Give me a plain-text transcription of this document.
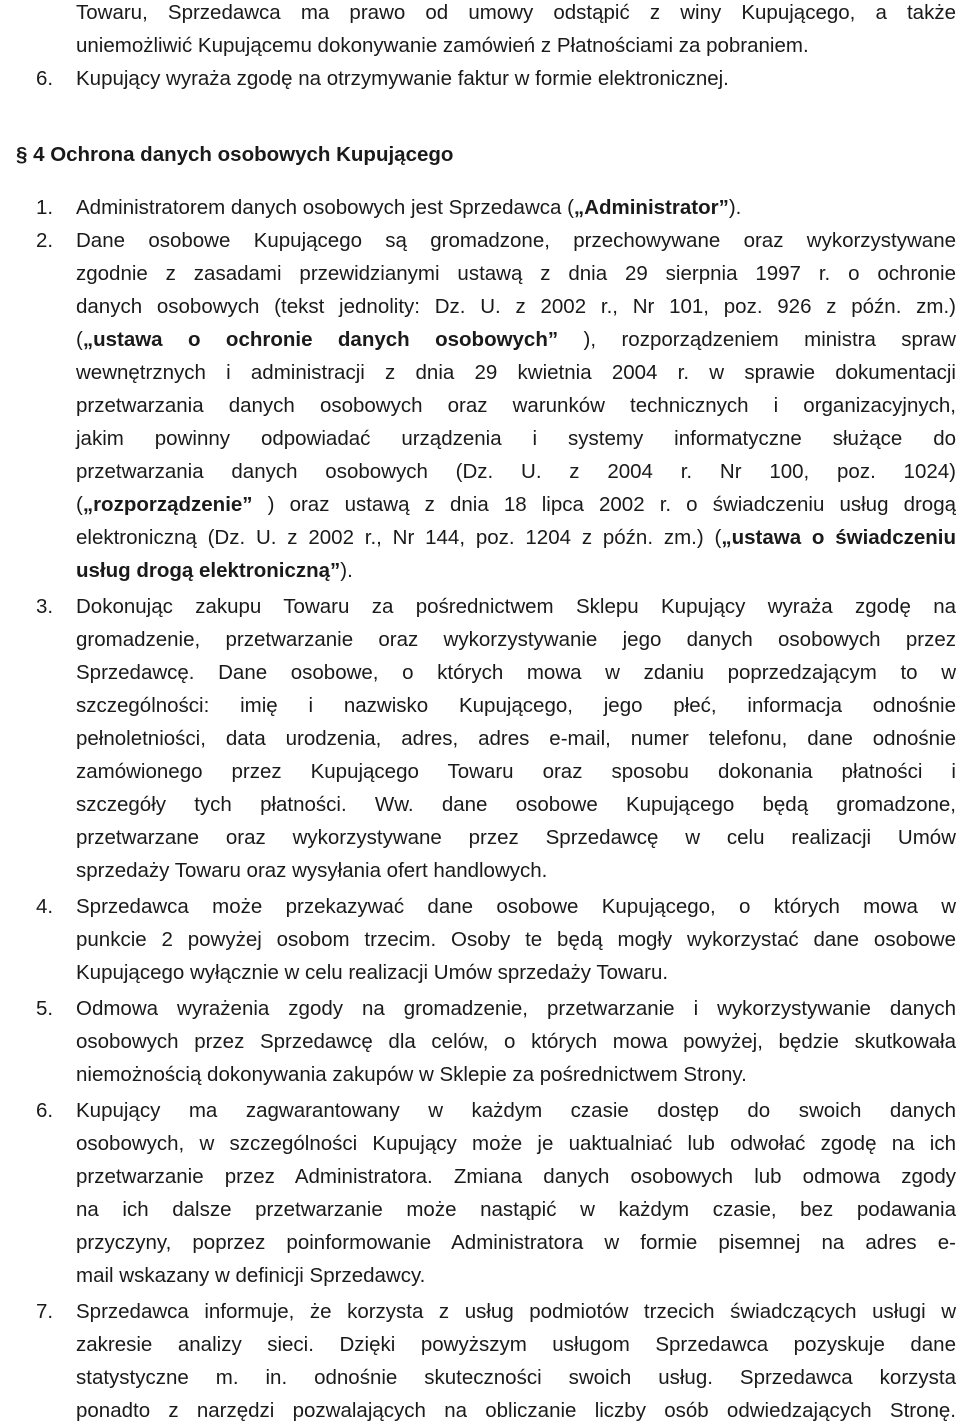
Towaru, Sprzedawca ma prawo od umowy odstąpić z winy Kupującego, a także
uniemożliwić Kupującemu dokonywanie zamówień z Płatnościami za pobraniem.
6. Kupujący wyraża zgodę na otrzymywanie faktur w formie elektronicznej.
§ 4 Ochrona danych osobowych Kupującego
1. Administratorem danych osobowych jest Sprzedawca („Administrator”).
2. Dane osobowe Kupującego są gromadzone, przechowywane oraz wykorzystywane
zgodnie z zasadami przewidzianymi ustawą z dnia 29 sierpnia 1997 r. o ochronie
danych osobowych (tekst jednolity: Dz. U. z 2002 r., Nr 101, poz. 926 z późn. zm.)
(„ustawa o ochronie danych osobowych” ), rozporządzeniem ministra spraw
wewnętrznych i administracji z dnia 29 kwietnia 2004 r. w sprawie dokumentacji
przetwarzania danych osobowych oraz warunków technicznych i organizacyjnych,
jakim powinny odpowiadać urządzenia i systemy informatyczne służące do
przetwarzania danych osobowych (Dz. U. z 2004 r. Nr 100, poz. 1024)
(„rozporządzenie” ) oraz ustawą z dnia 18 lipca 2002 r. o świadczeniu usług drogą
elektroniczną (Dz. U. z 2002 r., Nr 144, poz. 1204 z późn. zm.) („ustawa o świadczeniu
usług drogą elektroniczną”).
3. Dokonując zakupu Towaru za pośrednictwem Sklepu Kupujący wyraża zgodę na
gromadzenie, przetwarzanie oraz wykorzystywanie jego danych osobowych przez
Sprzedawcę. Dane osobowe, o których mowa w zdaniu poprzedzającym to w
szczególności: imię i nazwisko Kupującego, jego płeć, informacja odnośnie
pełnoletniości, data urodzenia, adres, adres e-mail, numer telefonu, dane odnośnie
zamówionego przez Kupującego Towaru oraz sposobu dokonania płatności i
szczegóły tych płatności. Ww. dane osobowe Kupującego będą gromadzone,
przetwarzane oraz wykorzystywane przez Sprzedawcę w celu realizacji Umów
sprzedaży Towaru oraz wysyłania ofert handlowych.
4. Sprzedawca może przekazywać dane osobowe Kupującego, o których mowa w
punkcie 2 powyżej osobom trzecim. Osoby te będą mogły wykorzystać dane osobowe
Kupującego wyłącznie w celu realizacji Umów sprzedaży Towaru.
5. Odmowa wyrażenia zgody na gromadzenie, przetwarzanie i wykorzystywanie danych
osobowych przez Sprzedawcę dla celów, o których mowa powyżej, będzie skutkowała
niemożnością dokonywania zakupów w Sklepie za pośrednictwem Strony.
6. Kupujący ma zagwarantowany w każdym czasie dostęp do swoich danych
osobowych, w szczególności Kupujący może je uaktualniać lub odwołać zgodę na ich
przetwarzanie przez Administratora. Zmiana danych osobowych lub odmowa zgody
na ich dalsze przetwarzanie może nastąpić w każdym czasie, bez podawania
przyczyny, poprzez poinformowanie Administratora w formie pisemnej na adres e-
mail wskazany w definicji Sprzedawcy.
7. Sprzedawca informuje, że korzysta z usług podmiotów trzecich świadczących usługi w
zakresie analizy sieci. Dzięki powyższym usługom Sprzedawca pozyskuje dane
statystyczne m. in. odnośnie skuteczności swoich usług. Sprzedawca korzysta
ponadto z narzędzi pozwalających na obliczanie liczby osób odwiedzających Stronę.
